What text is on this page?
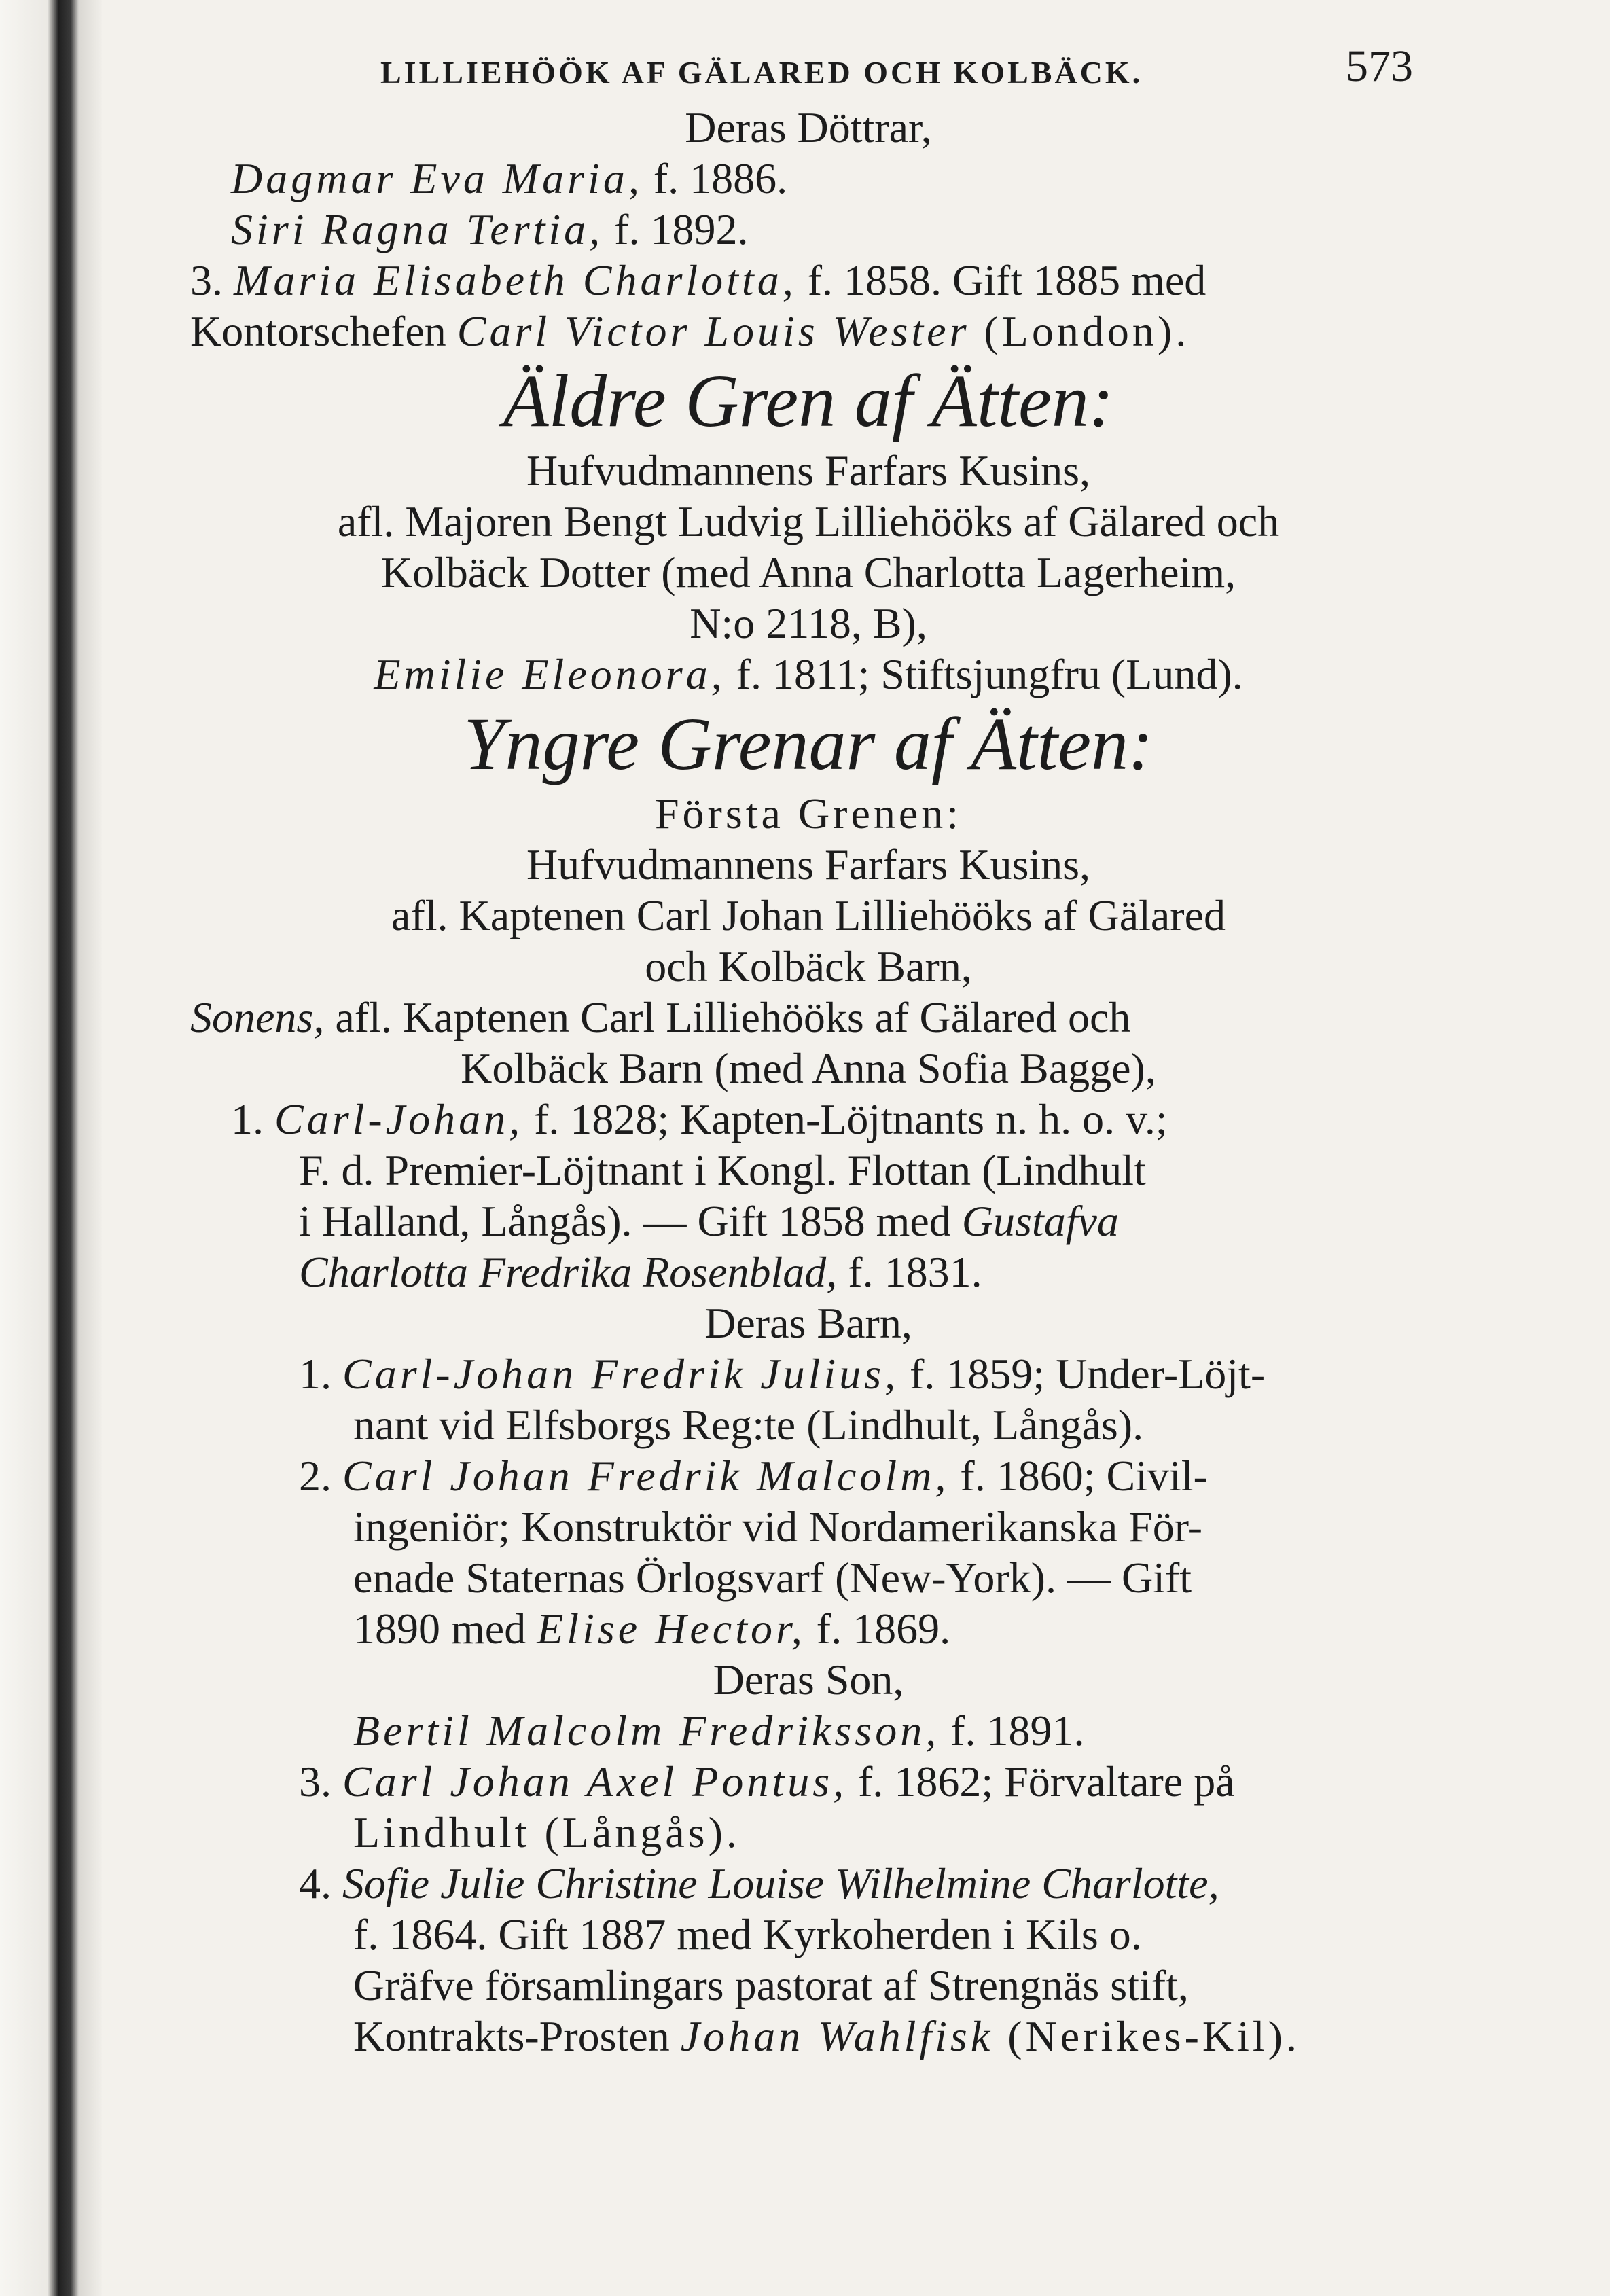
LILLIEHÖÖK AF GÄLARED OCH KOLBÄCK.	573
Deras Döttrar,
Dagmar Eva Maria, f. 1886.
Siri Ragna Tertia, f. 1892.
3. Maria Elisabeth Charlotta, f. 1858. Gift 1885 med
Kontorschefen Carl Victor Louis Wester (London).
Äldre Gren af Ätten:
Hufvudmannens Farfars Kusins,
afl. Majoren Bengt Ludvig Lilliehööks af Gälared och
Kolbäck Dotter (med Anna Charlotta Lagerheim,
N:o 2118, B),
Emilie Eleonora, f. 1811; Stiftsjungfru (Lund).
Yngre Grenar af Ätten:
Första Grenen:
Hufvudmannens Farfars Kusins,
afl. Kaptenen Carl Johan Lilliehööks af Gälared
och Kolbäck Barn,
Sonens, afl. Kaptenen Carl Lilliehööks af Gälared och
Kolbäck Barn (med Anna Sofia Bagge),
1. Carl-Johan, f. 1828; Kapten-Löjtnants n. h. o. v.;
F. d. Premier-Löjtnant i Kongl. Flottan (Lindhult
i Halland, Långås). — Gift 1858 med Gustafva
Charlotta Fredrika Rosenblad, f. 1831.
Deras Barn,
1. Carl-Johan Fredrik Julius, f. 1859; Under-Löjt-
nant vid Elfsborgs Reg:te (Lindhult, Långås).
2. Carl Johan Fredrik Malcolm, f. 1860; Civil-
ingeniör; Konstruktör vid Nordamerikanska För-
enade Staternas Örlogsvarf (New-York). — Gift
1890 med Elise Hector, f. 1869.
Deras Son,
Bertil Malcolm Fredriksson, f. 1891.
3. Carl Johan Axel Pontus, f. 1862; Förvaltare på
Lindhult (Långås).
4. Sofie Julie Christine Louise Wilhelmine Charlotte,
f. 1864. Gift 1887 med Kyrkoherden i Kils o.
Gräfve församlingars pastorat af Strengnäs stift,
Kontrakts-Prosten Johan Wahlfisk (Nerikes-Kil).
